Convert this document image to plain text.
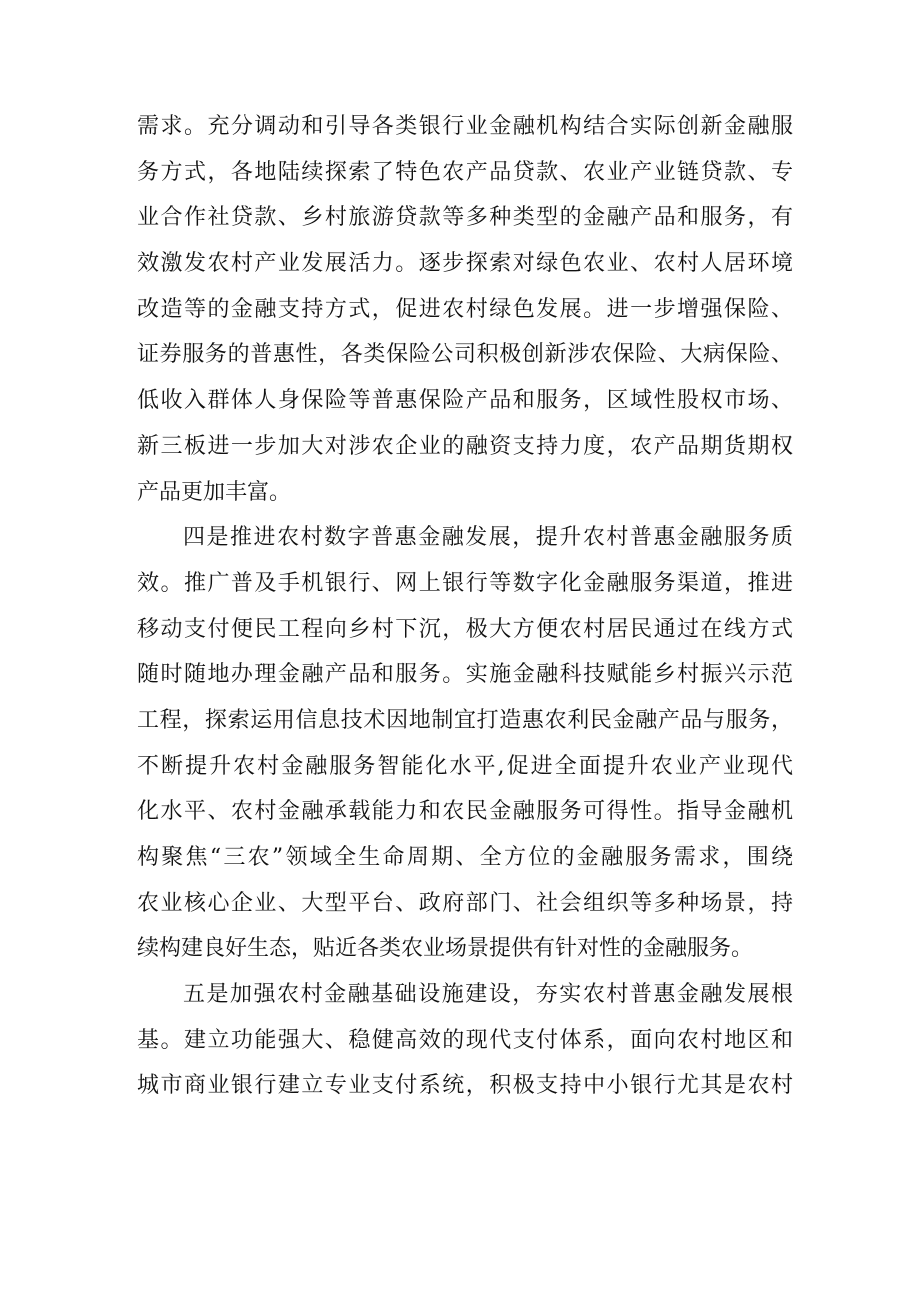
需求。充分调动和引导各类银行业金融机构结合实际创新金融服
务方式，各地陆续探索了特色农产品贷款、农业产业链贷款、专
业合作社贷款、乡村旅游贷款等多种类型的金融产品和服务，有
效激发农村产业发展活力。逐步探索对绿色农业、农村人居环境
改造等的金融支持方式，促进农村绿色发展。进一步增强保险、
证券服务的普惠性，各类保险公司积极创新涉农保险、大病保险、
低收入群体人身保险等普惠保险产品和服务，区域性股权市场、
新三板进一步加大对涉农企业的融资支持力度，农产品期货期权
产品更加丰富。
四是推进农村数字普惠金融发展，提升农村普惠金融服务质
效。推广普及手机银行、网上银行等数字化金融服务渠道，推进
移动支付便民工程向乡村下沉，极大方便农村居民通过在线方式
随时随地办理金融产品和服务。实施金融科技赋能乡村振兴示范
工程，探索运用信息技术因地制宜打造惠农利民金融产品与服务，
不断提升农村金融服务智能化水平,促进全面提升农业产业现代
化水平、农村金融承载能力和农民金融服务可得性。指导金融机
构聚焦“三农”领域全生命周期、全方位的金融服务需求，围绕
农业核心企业、大型平台、政府部门、社会组织等多种场景，持
续构建良好生态，贴近各类农业场景提供有针对性的金融服务。
五是加强农村金融基础设施建设，夯实农村普惠金融发展根
基。建立功能强大、稳健高效的现代支付体系，面向农村地区和
城市商业银行建立专业支付系统，积极支持中小银行尤其是农村
